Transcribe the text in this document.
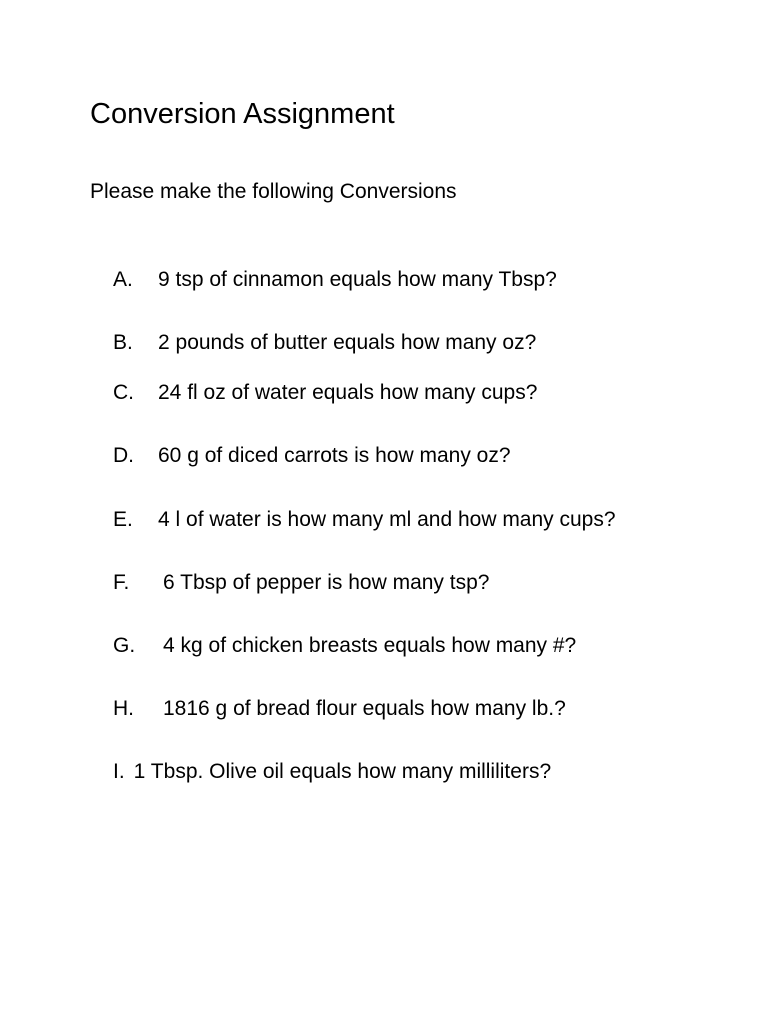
Conversion Assignment
Please make the following Conversions
A. 9 tsp of cinnamon equals how many Tbsp?
B. 2 pounds of butter equals how many oz?
C. 24 fl oz of water equals how many cups?
D. 60 g of diced carrots is how many oz?
E. 4 l of water is how many ml and how many cups?
F. 6 Tbsp of pepper is how many tsp?
G. 4 kg of chicken breasts equals how many #?
H. 1816 g of bread flour equals how many lb.?
I. 1 Tbsp. Olive oil equals how many milliliters?
